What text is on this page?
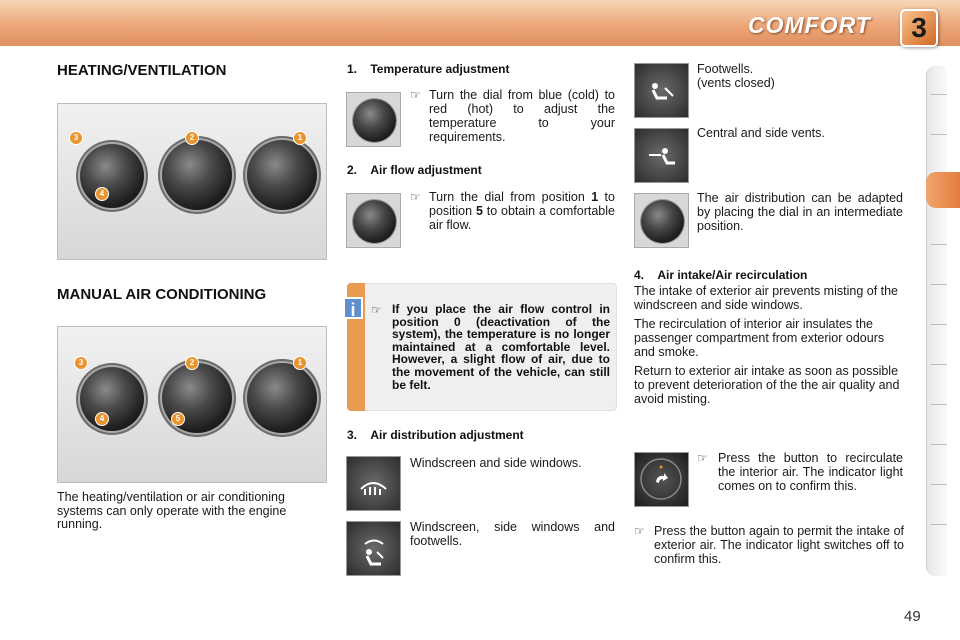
COMFORT	3
HEATING/VENTILATION
3	2	1
4
MANUAL AIR CONDITIONING
3	2	1
4	5
The heating/ventilation or air conditioning systems can only operate with the engine running.
1.    Temperature adjustment
☞ Turn the dial from blue (cold) to red (hot) to adjust the temperature to your requirements.
2.    Air flow adjustment
☞ Turn the dial from position 1 to position 5 to obtain a comfortable air flow.
i	☞ If you place the air flow control in position 0 (deactivation of the system), the temperature is no longer maintained at a comfortable level. However, a slight flow of air, due to the movement of the vehicle, can still be felt.
3.    Air distribution adjustment
Windscreen and side windows.
Windscreen, side windows and footwells.
Footwells.
(vents closed)
Central and side vents.
The air distribution can be adapted by placing the dial in an intermediate position.
4.    Air intake/Air recirculation
The intake of exterior air prevents misting of the windscreen and side windows.
The recirculation of interior air insulates the passenger compartment from exterior odours and smoke.
Return to exterior air intake as soon as possible to prevent deterioration of the the air quality and avoid misting.
☞ Press the button to recirculate the interior air. The indicator light comes on to confirm this.
☞ Press the button again to permit the intake of exterior air. The indicator light switches off to confirm this.
49
